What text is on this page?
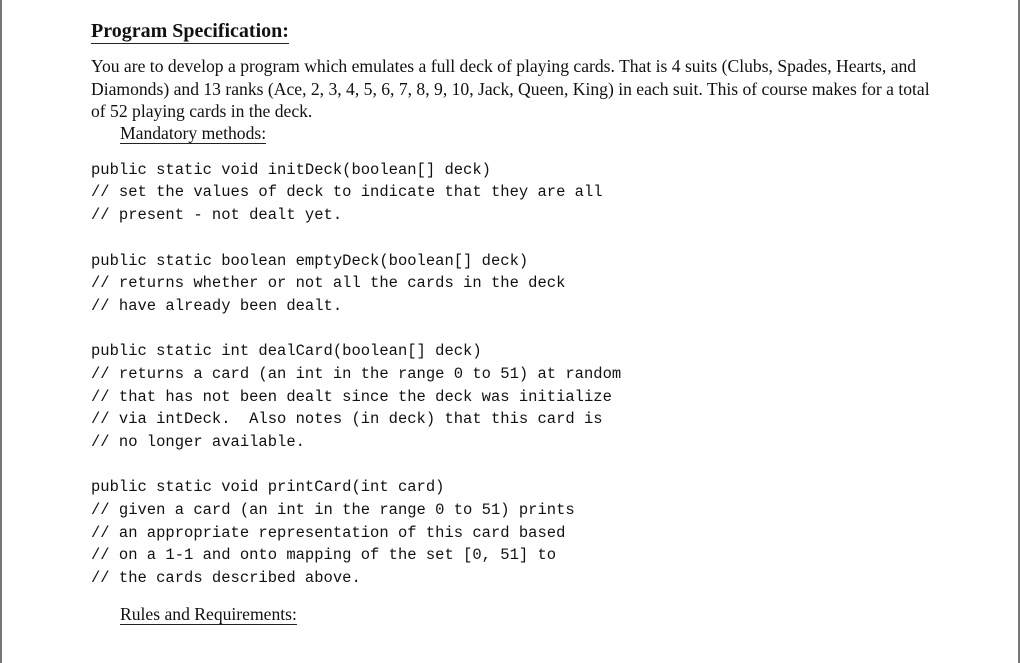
Program Specification:

You are to develop a program which emulates a full deck of playing cards. That is 4 suits (Clubs, Spades, Hearts, and Diamonds) and 13 ranks (Ace, 2, 3, 4, 5, 6, 7, 8, 9, 10, Jack, Queen, King) in each suit. This of course makes for a total of 52 playing cards in the deck.

Mandatory methods:
public static void initDeck(boolean[] deck)
// set the values of deck to indicate that they are all
// present - not dealt yet.
public static boolean emptyDeck(boolean[] deck)
// returns whether or not all the cards in the deck
// have already been dealt.
public static int dealCard(boolean[] deck)
// returns a card (an int in the range 0 to 51) at random
// that has not been dealt since the deck was initialize
// via intDeck.  Also notes (in deck) that this card is
// no longer available.
public static void printCard(int card)
// given a card (an int in the range 0 to 51) prints
// an appropriate representation of this card based
// on a 1-1 and onto mapping of the set [0, 51] to
// the cards described above.
Rules and Requirements:
